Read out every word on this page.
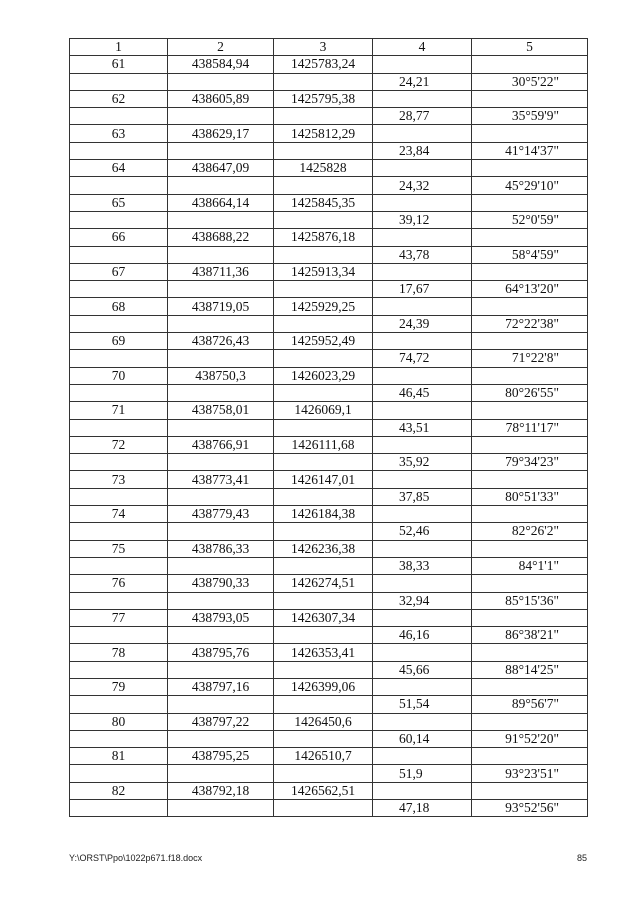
1	2	3	4	5
61	438584,94	1425783,24		
			24,21	30°5'22"
62	438605,89	1425795,38		
			28,77	35°59'9"
63	438629,17	1425812,29		
			23,84	41°14'37"
64	438647,09	1425828		
			24,32	45°29'10"
65	438664,14	1425845,35		
			39,12	52°0'59"
66	438688,22	1425876,18		
			43,78	58°4'59"
67	438711,36	1425913,34		
			17,67	64°13'20"
68	438719,05	1425929,25		
			24,39	72°22'38"
69	438726,43	1425952,49		
			74,72	71°22'8"
70	438750,3	1426023,29		
			46,45	80°26'55"
71	438758,01	1426069,1		
			43,51	78°11'17"
72	438766,91	1426111,68		
			35,92	79°34'23"
73	438773,41	1426147,01		
			37,85	80°51'33"
74	438779,43	1426184,38		
			52,46	82°26'2"
75	438786,33	1426236,38		
			38,33	84°1'1"
76	438790,33	1426274,51		
			32,94	85°15'36"
77	438793,05	1426307,34		
			46,16	86°38'21"
78	438795,76	1426353,41		
			45,66	88°14'25"
79	438797,16	1426399,06		
			51,54	89°56'7"
80	438797,22	1426450,6		
			60,14	91°52'20"
81	438795,25	1426510,7		
			51,9	93°23'51"
82	438792,18	1426562,51		
			47,18	93°52'56"
Y:\ORST\Ppo\1022p671.f18.docx	85
